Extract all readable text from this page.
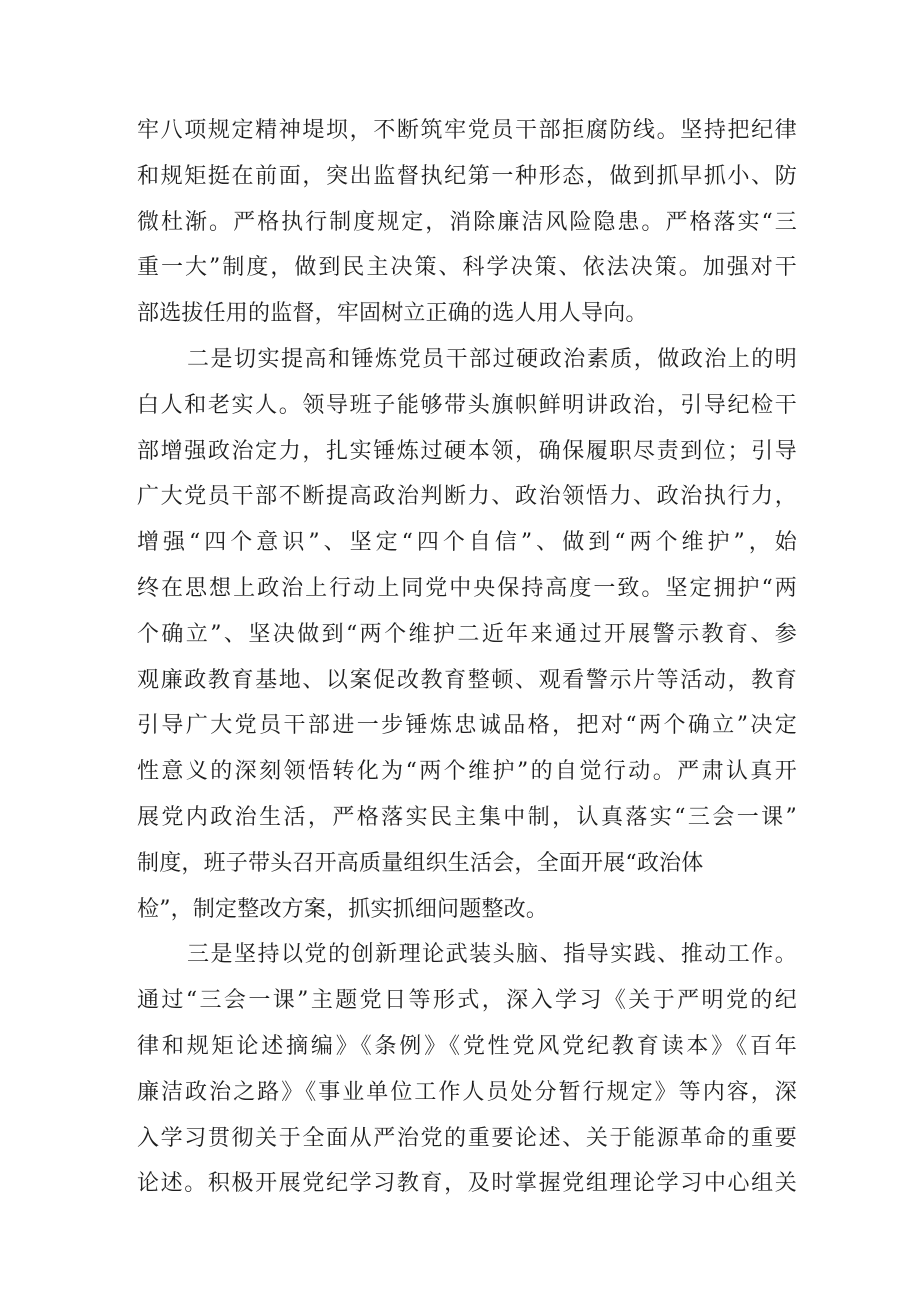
牢八项规定精神堤坝，不断筑牢党员干部拒腐防线。坚持把纪律
和规矩挺在前面，突出监督执纪第一种形态，做到抓早抓小、防
微杜渐。严格执行制度规定，消除廉洁风险隐患。严格落实“三
重一大”制度，做到民主决策、科学决策、依法决策。加强对干
部选拔任用的监督，牢固树立正确的选人用人导向。
二是切实提高和锤炼党员干部过硬政治素质，做政治上的明
白人和老实人。领导班子能够带头旗帜鲜明讲政治，引导纪检干
部增强政治定力，扎实锤炼过硬本领，确保履职尽责到位；引导
广大党员干部不断提高政治判断力、政治领悟力、政治执行力，
增强“四个意识”、坚定“四个自信”、做到“两个维护”，始
终在思想上政治上行动上同党中央保持高度一致。坚定拥护“两
个确立”、坚决做到“两个维护二近年来通过开展警示教育、参
观廉政教育基地、以案促改教育整顿、观看警示片等活动，教育
引导广大党员干部进一步锤炼忠诚品格，把对“两个确立”决定
性意义的深刻领悟转化为“两个维护”的自觉行动。严肃认真开
展党内政治生活，严格落实民主集中制，认真落实“三会一课”
制度，班子带头召开高质量组织生活会，全面开展“政治体
检”，制定整改方案，抓实抓细问题整改。
三是坚持以党的创新理论武装头脑、指导实践、推动工作。
通过“三会一课”主题党日等形式，深入学习《关于严明党的纪
律和规矩论述摘编》《条例》《党性党风党纪教育读本》《百年
廉洁政治之路》《事业单位工作人员处分暂行规定》等内容，深
入学习贯彻关于全面从严治党的重要论述、关于能源革命的重要
论述。积极开展党纪学习教育，及时掌握党组理论学习中心组关
